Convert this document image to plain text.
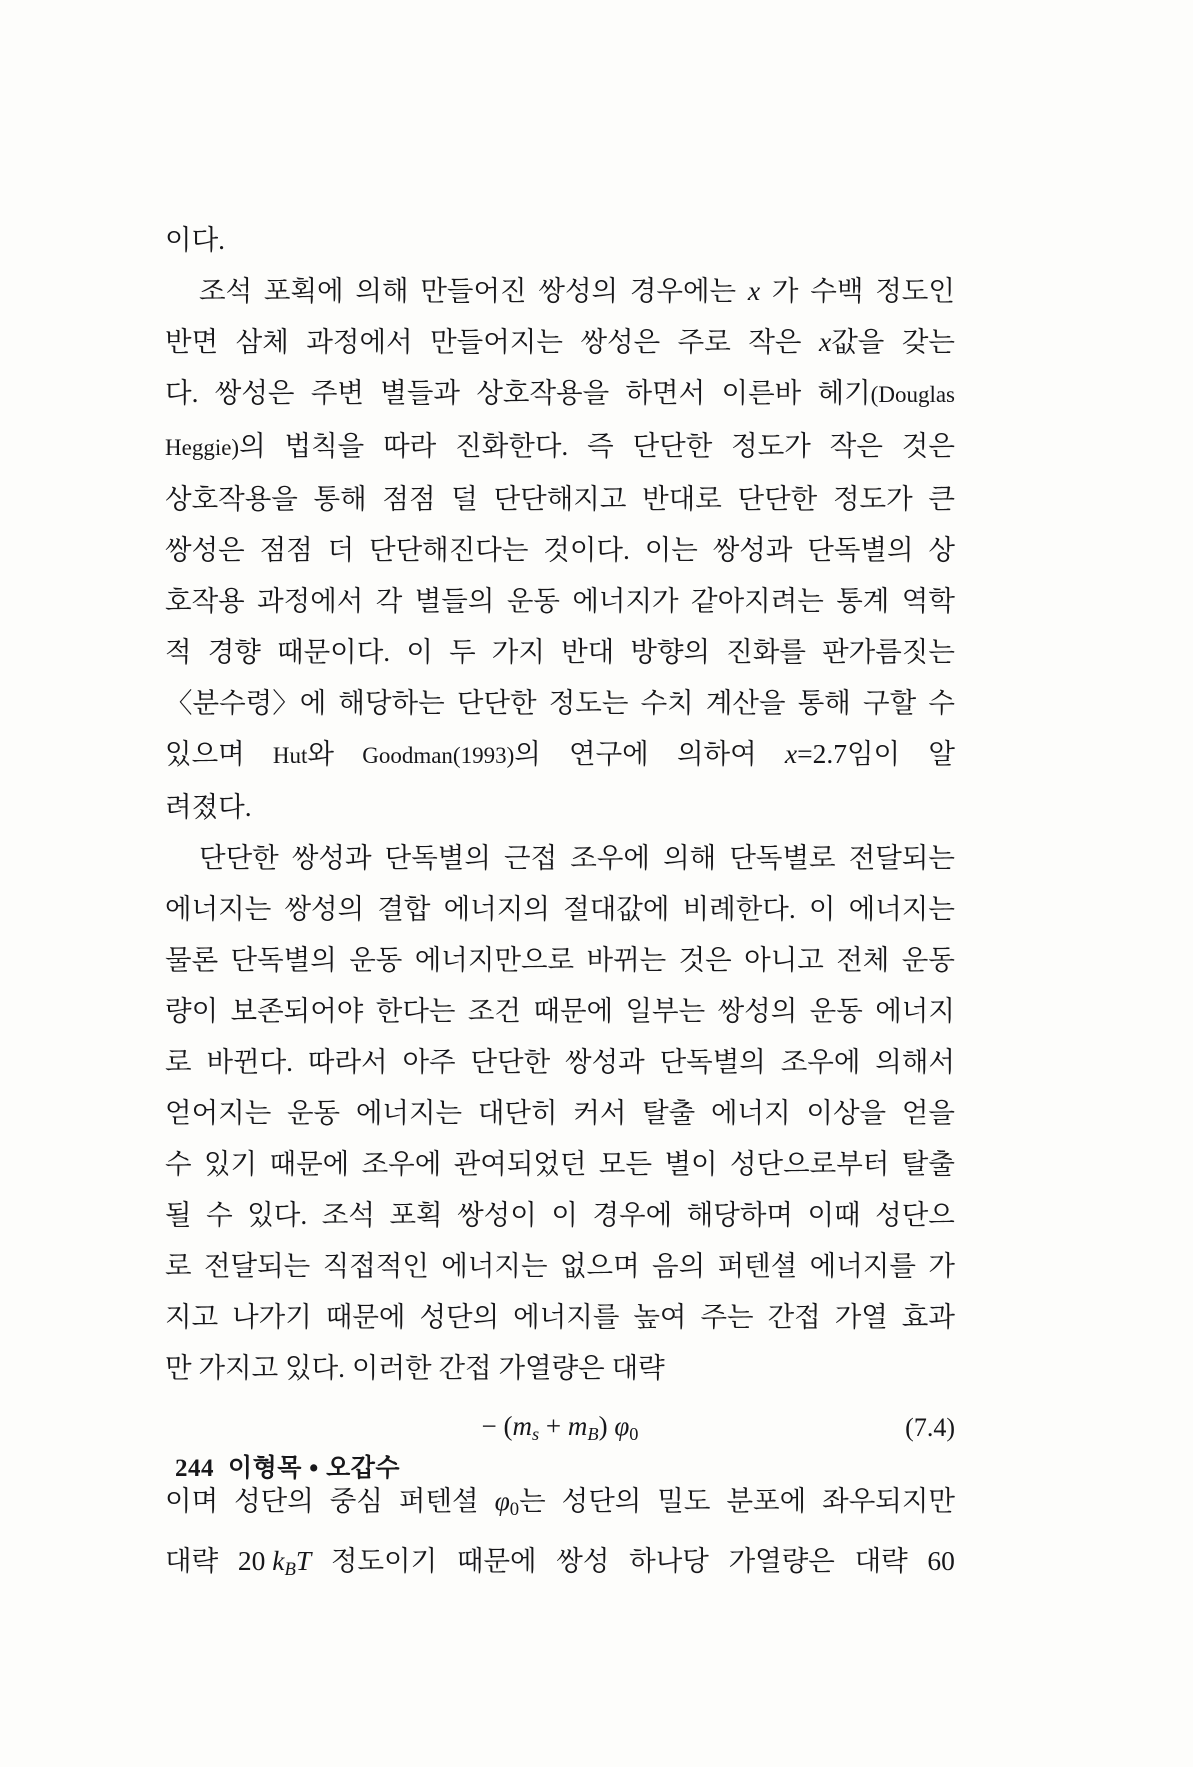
이다.
조석 포획에 의해 만들어진 쌍성의 경우에는 x 가 수백 정도인
반면 삼체 과정에서 만들어지는 쌍성은 주로 작은 x값을 갖는
다. 쌍성은 주변 별들과 상호작용을 하면서 이른바 헤기(Douglas
Heggie)의 법칙을 따라 진화한다. 즉 단단한 정도가 작은 것은
상호작용을 통해 점점 덜 단단해지고 반대로 단단한 정도가 큰
쌍성은 점점 더 단단해진다는 것이다. 이는 쌍성과 단독별의 상
호작용 과정에서 각 별들의 운동 에너지가 같아지려는 통계 역학
적 경향 때문이다. 이 두 가지 반대 방향의 진화를 판가름짓는
〈분수령〉에 해당하는 단단한 정도는 수치 계산을 통해 구할 수
있으며 Hut와 Goodman(1993)의 연구에 의하여 x=2.7임이 알
려졌다.
단단한 쌍성과 단독별의 근접 조우에 의해 단독별로 전달되는
에너지는 쌍성의 결합 에너지의 절대값에 비례한다. 이 에너지는
물론 단독별의 운동 에너지만으로 바뀌는 것은 아니고 전체 운동
량이 보존되어야 한다는 조건 때문에 일부는 쌍성의 운동 에너지
로 바뀐다. 따라서 아주 단단한 쌍성과 단독별의 조우에 의해서
얻어지는 운동 에너지는 대단히 커서 탈출 에너지 이상을 얻을
수 있기 때문에 조우에 관여되었던 모든 별이 성단으로부터 탈출
될 수 있다. 조석 포획 쌍성이 이 경우에 해당하며 이때 성단으
로 전달되는 직접적인 에너지는 없으며 음의 퍼텐셜 에너지를 가
지고 나가기 때문에 성단의 에너지를 높여 주는 간접 가열 효과
만 가지고 있다. 이러한 간접 가열량은 대략
− $(m_s + m_B)$ $\varphi_0$	(7.4)
이며 성단의 중심 퍼텐셜 $\varphi_0$는 성단의 밀도 분포에 좌우되지만
대략 20 $k_BT$ 정도이기 때문에 쌍성 하나당 가열량은 대략 60
244 이형목 • 오갑수
